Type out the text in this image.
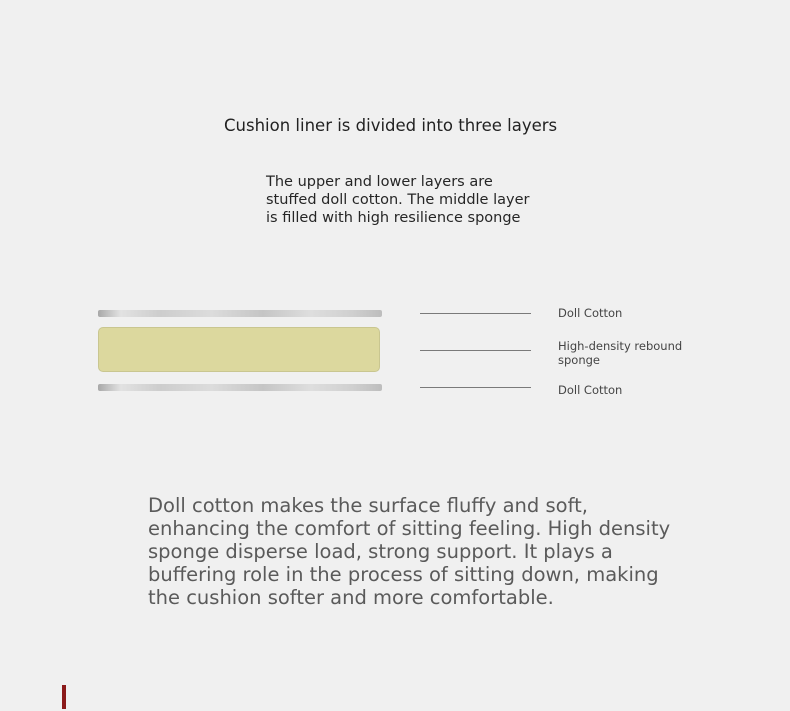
Cushion liner is divided into three layers
The upper and lower layers are
stuffed doll cotton. The middle layer
is filled with high resilience sponge
Doll Cotton
High-density rebound
sponge
Doll Cotton
Doll cotton makes the surface fluffy and soft,
enhancing the comfort of sitting feeling. High density
sponge disperse load, strong support. It plays a
buffering role in the process of sitting down, making
the cushion softer and more comfortable.
